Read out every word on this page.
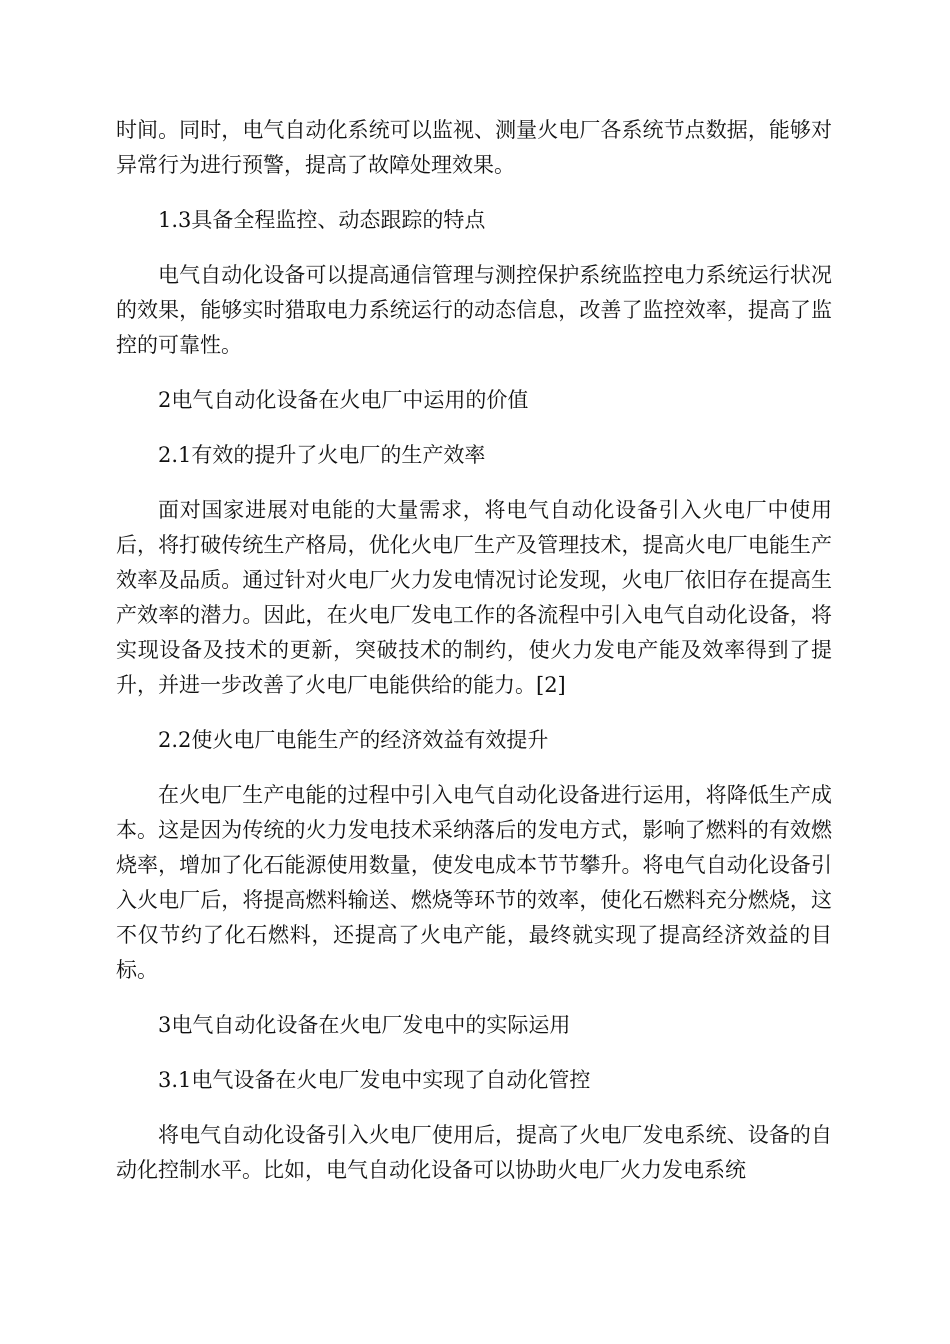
时间。同时，电气自动化系统可以监视、测量火电厂各系统节点数据，能够对异常行为进行预警，提高了故障处理效果。

1.3具备全程监控、动态跟踪的特点

电气自动化设备可以提高通信管理与测控保护系统监控电力系统运行状况的效果，能够实时猎取电力系统运行的动态信息，改善了监控效率，提高了监控的可靠性。

2电气自动化设备在火电厂中运用的价值

2.1有效的提升了火电厂的生产效率

面对国家进展对电能的大量需求，将电气自动化设备引入火电厂中使用后，将打破传统生产格局，优化火电厂生产及管理技术，提高火电厂电能生产效率及品质。通过针对火电厂火力发电情况讨论发现，火电厂依旧存在提高生产效率的潜力。因此，在火电厂发电工作的各流程中引入电气自动化设备，将实现设备及技术的更新，突破技术的制约，使火力发电产能及效率得到了提升，并进一步改善了火电厂电能供给的能力。[2]

2.2使火电厂电能生产的经济效益有效提升

在火电厂生产电能的过程中引入电气自动化设备进行运用，将降低生产成本。这是因为传统的火力发电技术采纳落后的发电方式，影响了燃料的有效燃烧率，增加了化石能源使用数量，使发电成本节节攀升。将电气自动化设备引入火电厂后，将提高燃料输送、燃烧等环节的效率，使化石燃料充分燃烧，这不仅节约了化石燃料，还提高了火电产能，最终就实现了提高经济效益的目标。

3电气自动化设备在火电厂发电中的实际运用

3.1电气设备在火电厂发电中实现了自动化管控

将电气自动化设备引入火电厂使用后，提高了火电厂发电系统、设备的自动化控制水平。比如，电气自动化设备可以协助火电厂火力发电系统
